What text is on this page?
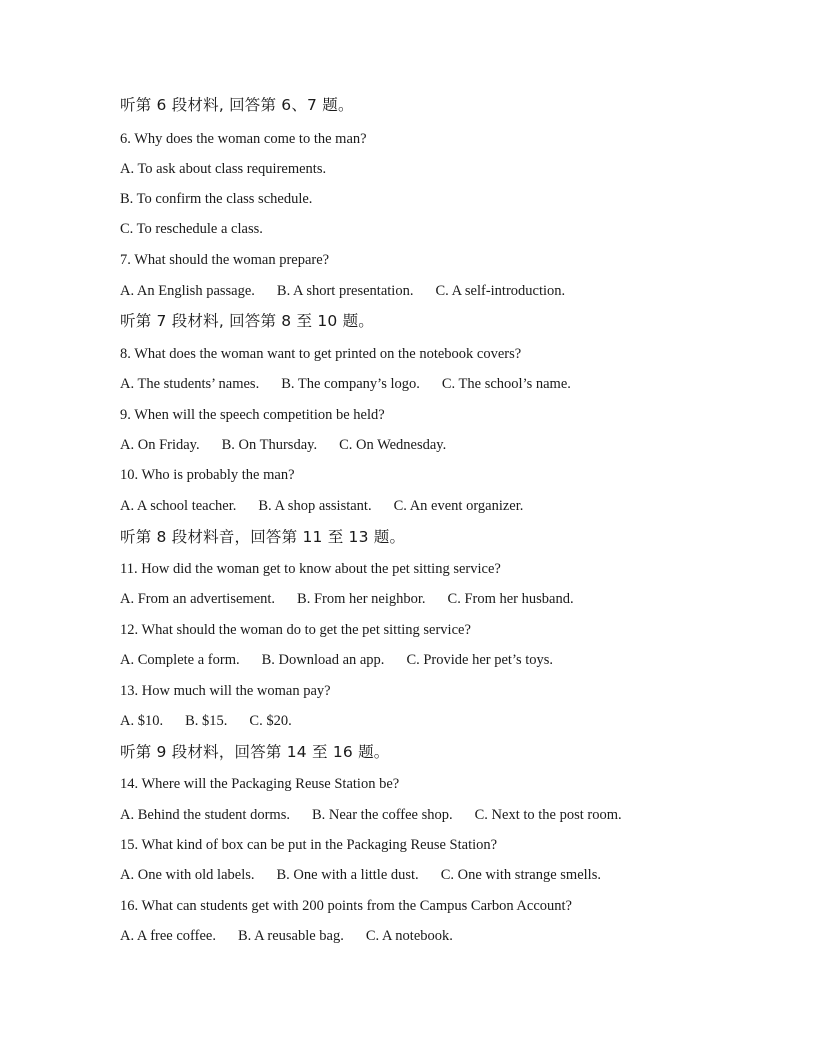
听第 6 段材料, 回答第 6、7 题。
6. Why does the woman come to the man?
A. To ask about class requirements.
B. To confirm the class schedule.
C. To reschedule a class.
7. What should the woman prepare?
A. An English passage. B. A short presentation. C. A self-introduction.
听第 7 段材料, 回答第 8 至 10 题。
8. What does the woman want to get printed on the notebook covers?
A. The students’ names. B. The company’s logo. C. The school’s name.
9. When will the speech competition be held?
A. On Friday. B. On Thursday. C. On Wednesday.
10. Who is probably the man?
A. A school teacher. B. A shop assistant. C. An event organizer.
听第 8 段材料音，回答第 11 至 13 题。
11. How did the woman get to know about the pet sitting service?
A. From an advertisement. B. From her neighbor. C. From her husband.
12. What should the woman do to get the pet sitting service?
A. Complete a form. B. Download an app. C. Provide her pet’s toys.
13. How much will the woman pay?
A. $10. B. $15. C. $20.
听第 9 段材料，回答第 14 至 16 题。
14. Where will the Packaging Reuse Station be?
A. Behind the student dorms. B. Near the coffee shop. C. Next to the post room.
15. What kind of box can be put in the Packaging Reuse Station?
A. One with old labels. B. One with a little dust. C. One with strange smells.
16. What can students get with 200 points from the Campus Carbon Account?
A. A free coffee. B. A reusable bag. C. A notebook.
